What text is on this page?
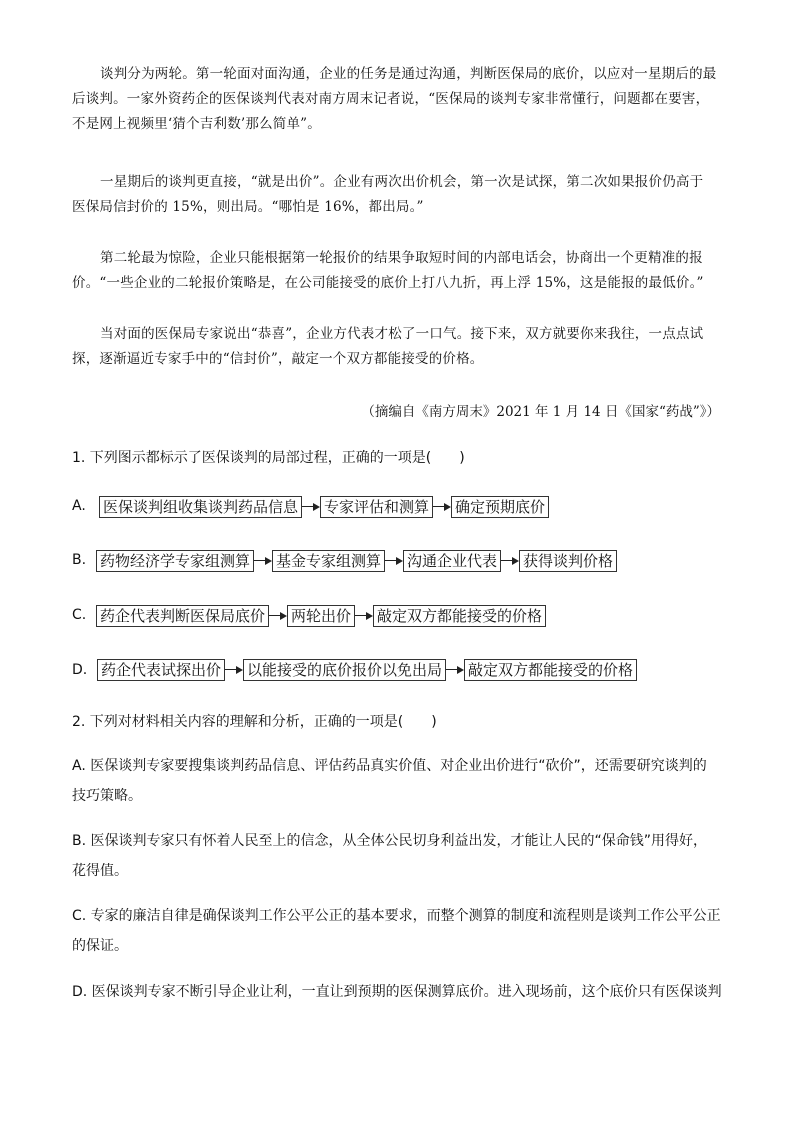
谈判分为两轮。第一轮面对面沟通，企业的任务是通过沟通，判断医保局的底价，以应对一星期后的最
后谈判。一家外资药企的医保谈判代表对南方周末记者说，“医保局的谈判专家非常懂行，问题都在要害，
不是网上视频里‘猜个吉利数’那么简单”。
一星期后的谈判更直接，“就是出价”。企业有两次出价机会，第一次是试探，第二次如果报价仍高于
医保局信封价的 15%，则出局。“哪怕是 16%，都出局。”
第二轮最为惊险，企业只能根据第一轮报价的结果争取短时间的内部电话会，协商出一个更精准的报
价。“一些企业的二轮报价策略是，在公司能接受的底价上打八九折，再上浮 15%，这是能报的最低价。”
当对面的医保局专家说出“恭喜”，企业方代表才松了一口气。接下来，双方就要你来我往，一点点试
探，逐渐逼近专家手中的“信封价”，敲定一个双方都能接受的价格。
（摘编自《南方周末》2021 年 1 月 14 日《国家“药战”》）
1. 下列图示都标示了医保谈判的局部过程，正确的一项是(　　)
A. 医保谈判组收集谈判药品信息 专家评估和测算 确定预期底价
B. 药物经济学专家组测算 基金专家组测算 沟通企业代表 获得谈判价格
C. 药企代表判断医保局底价 两轮出价 敲定双方都能接受的价格
D. 药企代表试探出价 以能接受的底价报价以免出局 敲定双方都能接受的价格
2. 下列对材料相关内容的理解和分析，正确的一项是(　　)
A. 医保谈判专家要搜集谈判药品信息、评估药品真实价值、对企业出价进行“砍价”，还需要研究谈判的
技巧策略。
B. 医保谈判专家只有怀着人民至上的信念，从全体公民切身利益出发，才能让人民的“保命钱”用得好，
花得值。
C. 专家的廉洁自律是确保谈判工作公平公正的基本要求，而整个测算的制度和流程则是谈判工作公平公正
的保证。
D. 医保谈判专家不断引导企业让利，一直让到预期的医保测算底价。进入现场前，这个底价只有医保谈判
